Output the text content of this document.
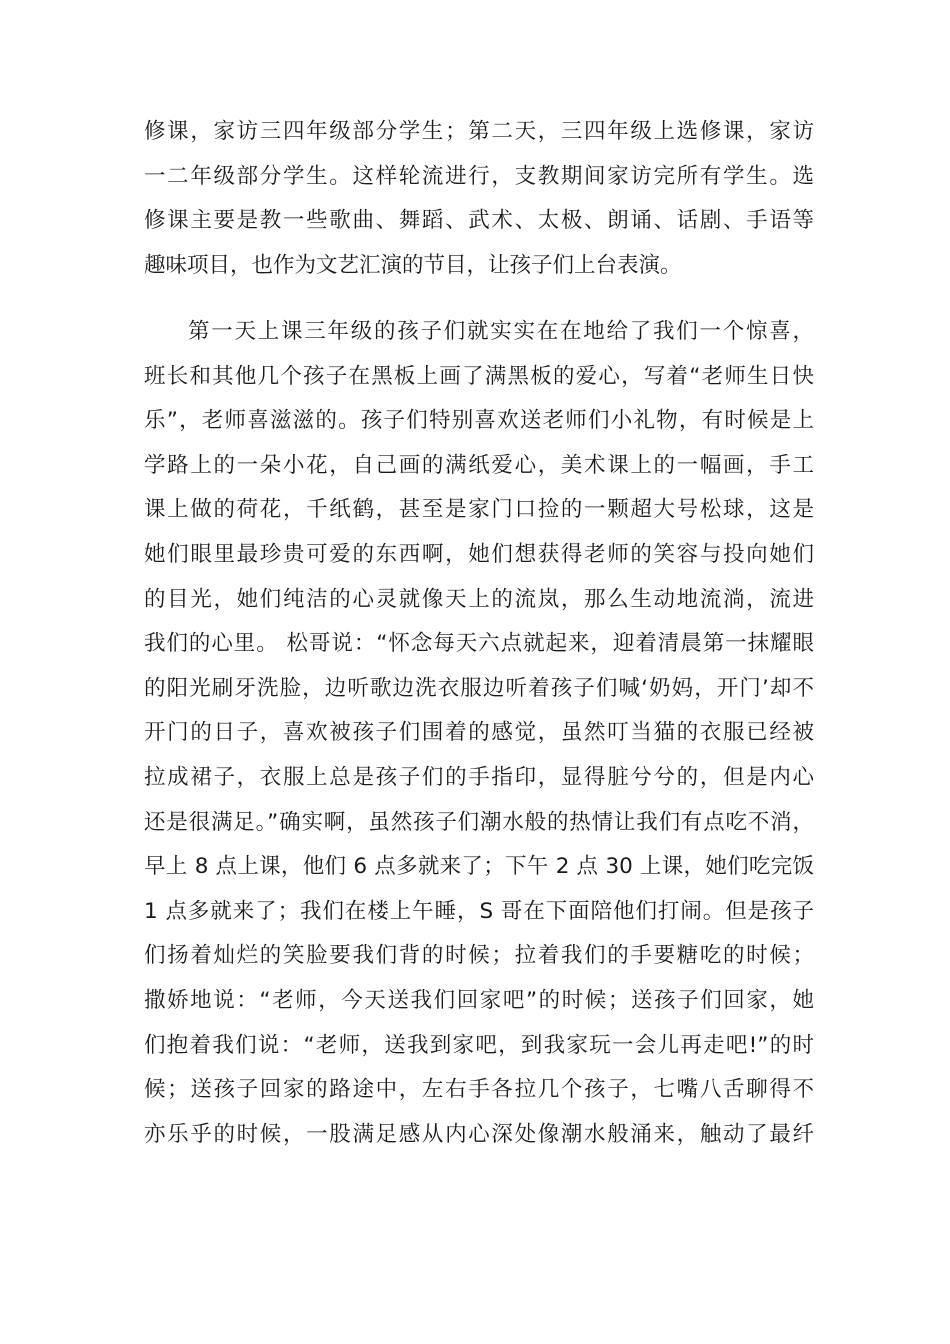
修课，家访三四年级部分学生；第二天，三四年级上选修课，家访
一二年级部分学生。这样轮流进行，支教期间家访完所有学生。选
修课主要是教一些歌曲、舞蹈、武术、太极、朗诵、话剧、手语等
趣味项目，也作为文艺汇演的节目，让孩子们上台表演。
第一天上课三年级的孩子们就实实在在地给了我们一个惊喜，
班长和其他几个孩子在黑板上画了满黑板的爱心，写着“老师生日快
乐”，老师喜滋滋的。孩子们特别喜欢送老师们小礼物，有时候是上
学路上的一朵小花，自己画的满纸爱心，美术课上的一幅画，手工
课上做的荷花，千纸鹤，甚至是家门口捡的一颗超大号松球，这是
她们眼里最珍贵可爱的东西啊，她们想获得老师的笑容与投向她们
的目光，她们纯洁的心灵就像天上的流岚，那么生动地流淌，流进
我们的心里。 松哥说：“怀念每天六点就起来，迎着清晨第一抹耀眼
的阳光刷牙洗脸，边听歌边洗衣服边听着孩子们喊‘奶妈，开门’却不
开门的日子，喜欢被孩子们围着的感觉，虽然叮当猫的衣服已经被
拉成裙子，衣服上总是孩子们的手指印，显得脏兮兮的，但是内心
还是很满足。”确实啊，虽然孩子们潮水般的热情让我们有点吃不消，
早上 8 点上课，他们 6 点多就来了；下午 2 点 30 上课，她们吃完饭
1 点多就来了；我们在楼上午睡，S 哥在下面陪他们打闹。但是孩子
们扬着灿烂的笑脸要我们背的时候；拉着我们的手要糖吃的时候；
撒娇地说：“老师，今天送我们回家吧”的时候；送孩子们回家，她
们抱着我们说：“老师，送我到家吧，到我家玩一会儿再走吧!”的时
候；送孩子回家的路途中，左右手各拉几个孩子，七嘴八舌聊得不
亦乐乎的时候，一股满足感从内心深处像潮水般涌来，触动了最纤
